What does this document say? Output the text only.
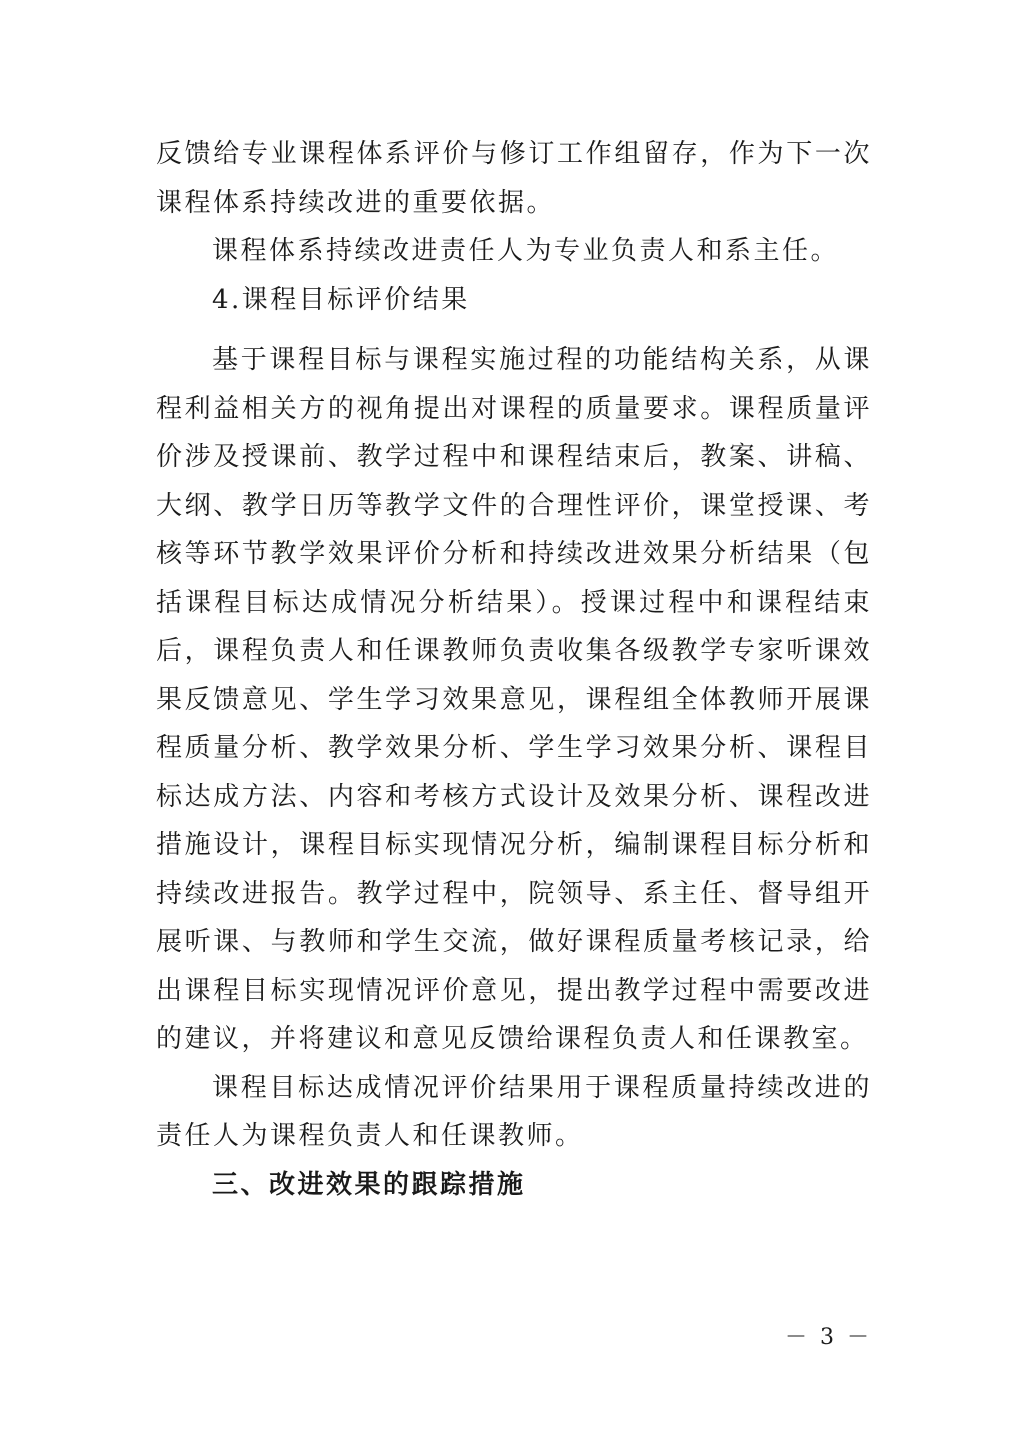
反馈给专业课程体系评价与修订工作组留存，作为下一次课程体系持续改进的重要依据。

课程体系持续改进责任人为专业负责人和系主任。

4.课程目标评价结果

基于课程目标与课程实施过程的功能结构关系，从课程利益相关方的视角提出对课程的质量要求。课程质量评价涉及授课前、教学过程中和课程结束后，教案、讲稿、大纲、教学日历等教学文件的合理性评价，课堂授课、考核等环节教学效果评价分析和持续改进效果分析结果（包括课程目标达成情况分析结果）。授课过程中和课程结束后，课程负责人和任课教师负责收集各级教学专家听课效果反馈意见、学生学习效果意见，课程组全体教师开展课程质量分析、教学效果分析、学生学习效果分析、课程目标达成方法、内容和考核方式设计及效果分析、课程改进措施设计，课程目标实现情况分析，编制课程目标分析和持续改进报告。教学过程中，院领导、系主任、督导组开展听课、与教师和学生交流，做好课程质量考核记录，给出课程目标实现情况评价意见，提出教学过程中需要改进的建议，并将建议和意见反馈给课程负责人和任课教室。

课程目标达成情况评价结果用于课程质量持续改进的责任人为课程负责人和任课教师。

三、改进效果的跟踪措施

－ 3 －
